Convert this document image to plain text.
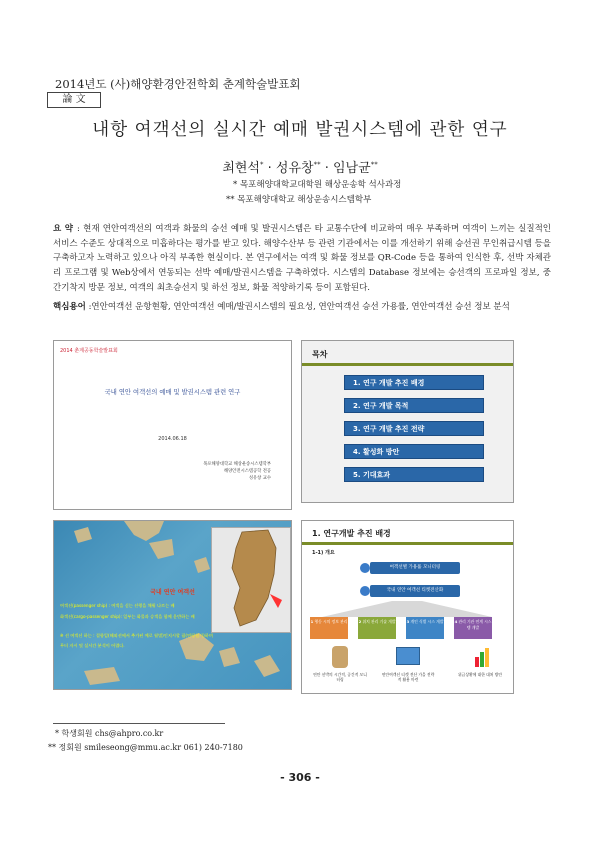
2014년도 (사)해양환경안전학회 춘계학술발표회
論 文
내항 여객선의 실시간 예매 발권시스템에 관한 연구
최현석* · 성유창** · 임남균**
* 목포해양대학교대학원 해상운송학 석사과정
** 목포해양대학교 해상운송시스템학부
요 약 : 현재 연안여객선의 여객과 화물의 승선 예매 및 발권시스템은 타 교통수단에 비교하여 매우 부족하며 여객이 느끼는 실질적인 서비스 수준도 상대적으로 미흡하다는 평가를 받고 있다. 해양수산부 등 관련 기관에서는 이를 개선하기 위해 승선권 무인취급시템 등을 구축하고자 노력하고 있으나 아직 부족한 현실이다. 본 연구에서는 여객 및 화물 정보를 QR-Code 등을 통하여 인식한 후, 선박 자체관리 프로그램 및 Web상에서 연동되는 선박 예매/발권시스템을 구축하였다. 시스템의 Database 정보에는 승선객의 프로파일 정보, 중간기착지 방문 정보, 여객의 최초승선지 및 하선 정보, 화물 적양하기록 등이 포함된다.
핵심용어 :연안여객선 운항현황, 연안여객선 예매/발권시스템의 필요성, 연안여객선 승선 가용률, 연안여객선 승선 정보 분석
2014 춘계공동학술발표회
국내 연안 여객선의 예매 및 발권시스템 관련 연구
2014.06.18
목포해양대학교 해상운송시스템학부
해양안전시스템공학 전공
성유창 교수
목차
1. 연구 개발 추진 배경
2. 연구 개발 목적
3. 연구 개발 추진 전략
4. 활성화 방안
5. 기대효과
국내 연안 여객선
여객선(passenger ship) : 여객을 싣는 선행을 채워 나르는 배
화객선(cargo-passenger ship): 일부는 화물과 승객을 함께 운반하는 배
※ 선 여객선 하는 : 결항일(해외선에서 추가된 예로 월별)인지시할 필(연평원가)하며
무터 자시 및 실시간 분석이 어렵다.
1. 연구개발 추진 배경
1-1) 개요
여객선별 가용률 모니터링
국내 연안 여객선 티켓전산화
1 행동 시의 정보 관리	2 위치 관리 기술 개발	3 개인 식별 시스 개발	4 관리 기관 연계 시스템 개발
연안 선박의 시간적, 공간적 모니터링
연안여객선 티켓 전산 가을 전략적 활용 마련
위급상황에 대한 대처 방안
* 학생회원 chs@ahpro.co.kr
** 정회원 smileseong@mmu.ac.kr 061) 240-7180
- 306 -
